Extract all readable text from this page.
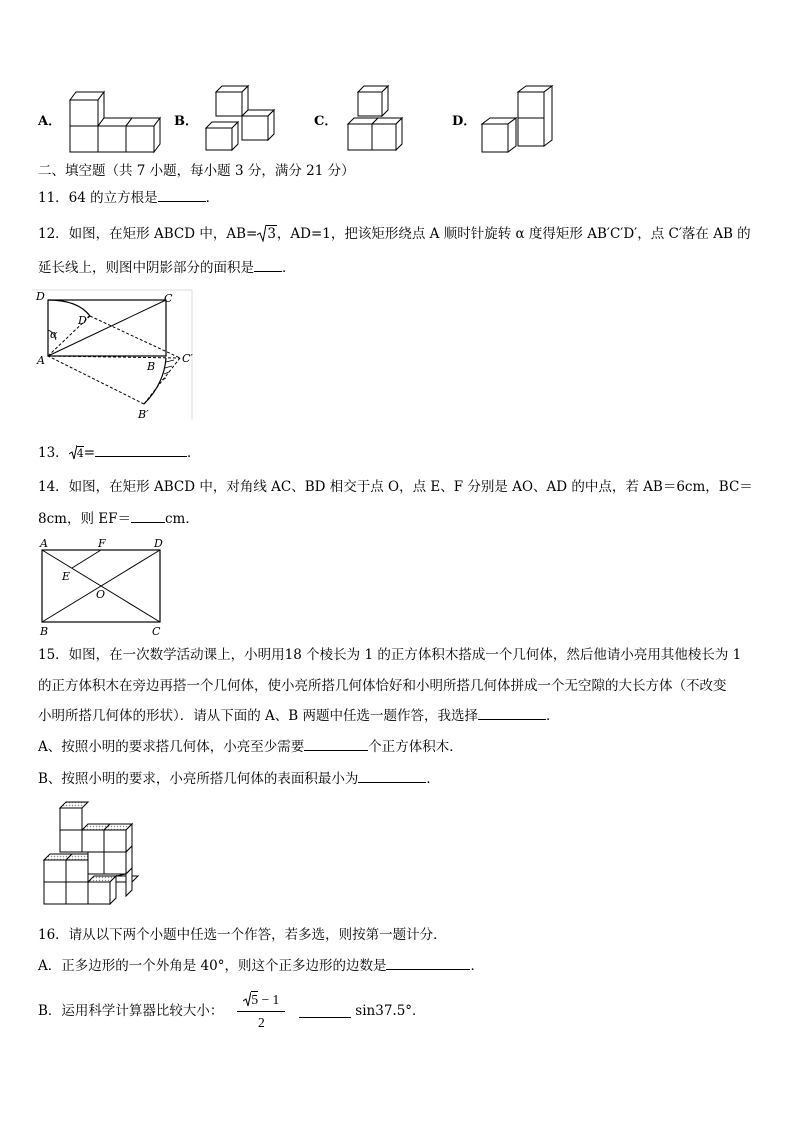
A．	B．	C．	D．
二、填空题（共 7 小题，每小题 3 分，满分 21 分）
11．64 的立方根是	．
12．如图，在矩形 ABCD 中，AB= 3，AD=1，把该矩形绕点 A 顺时针旋转 α 度得矩形 AB′C′D′，点 C′落在 AB 的
延长线上，则图中阴影部分的面积是 ．
D	C
D′
α
A	B
C′
B′
13． 4=	．
14．如图，在矩形 ABCD 中，对角线 AC、BD 相交于点 O，点 E、F 分别是 AO、AD 的中点，若 AB＝6cm，BC＝
8cm，则 EF＝	cm．
A	F	D
E
O
B	C
15．如图，在一次数学活动课上，小明用18 个棱长为 1 的正方体积木搭成一个几何体，然后他请小亮用其他棱长为 1
的正方体积木在旁边再搭一个几何体，使小亮所搭几何体恰好和小明所搭几何体拼成一个无空隙的大长方体（不改变
小明所搭几何体的形状）．请从下面的 A、B 两题中任选一题作答，我选择	．
A、按照小明的要求搭几何体，小亮至少需要	个正方体积木．
B、按照小明的要求，小亮所搭几何体的表面积最小为	．
16．请从以下两个小题中任选一个作答，若多选，则按第一题计分．
A．正多边形的一个外角是 40°，则这个正多边形的边数是	．
B．运用科学计算器比较大小： $\frac{5 - 1}{2}$	sin37.5°．
